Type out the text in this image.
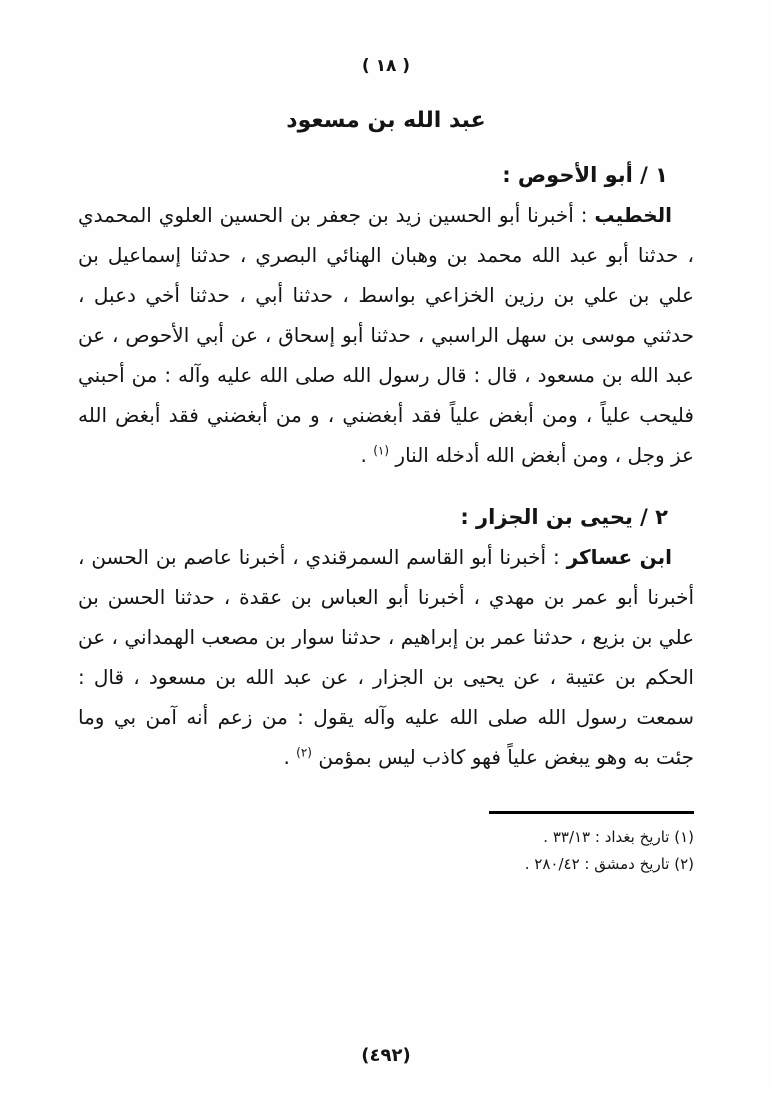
( ١٨ )
عبد الله بن مسعود
١ / أبو الأحوص :

الخطيب : أخبرنا أبو الحسين زيد بن جعفر بن الحسين العلوي المحمدي ، حدثنا أبو عبد الله محمد بن وهبان الهنائي البصري ، حدثنا إسماعيل بن علي بن علي بن رزين الخزاعي بواسط ، حدثنا أبي ، حدثنا أخي دعبل ، حدثني موسى بن سهل الراسبي ، حدثنا أبو إسحاق ، عن أبي الأحوص ، عن عبد الله بن مسعود ، قال : قال رسول الله صلى الله عليه وآله : من أحبني فليحب علياً ، ومن أبغض علياً فقد أبغضني ، و من أبغضني فقد أبغض الله عز وجل ، ومن أبغض الله أدخله النار $^{(١)}$ .

٢ / يحيى بن الجزار :

ابن عساكر : أخبرنا أبو القاسم السمرقندي ، أخبرنا عاصم بن الحسن ، أخبرنا أبو عمر بن مهدي ، أخبرنا أبو العباس بن عقدة ، حدثنا الحسن بن علي بن بزيع ، حدثنا عمر بن إبراهيم ، حدثنا سوار بن مصعب الهمداني ، عن الحكم بن عتيبة ، عن يحيى بن الجزار ، عن عبد الله بن مسعود ، قال : سمعت رسول الله صلى الله عليه وآله يقول : من زعم أنه آمن بي وما جئت به وهو يبغض علياً فهو كاذب ليس بمؤمن $^{(٢)}$ .

(١) تاريخ بغداد : ٣٣/١٣ .
(٢) تاريخ دمشق : ٢٨٠/٤٢ .
(٤٩٢)
